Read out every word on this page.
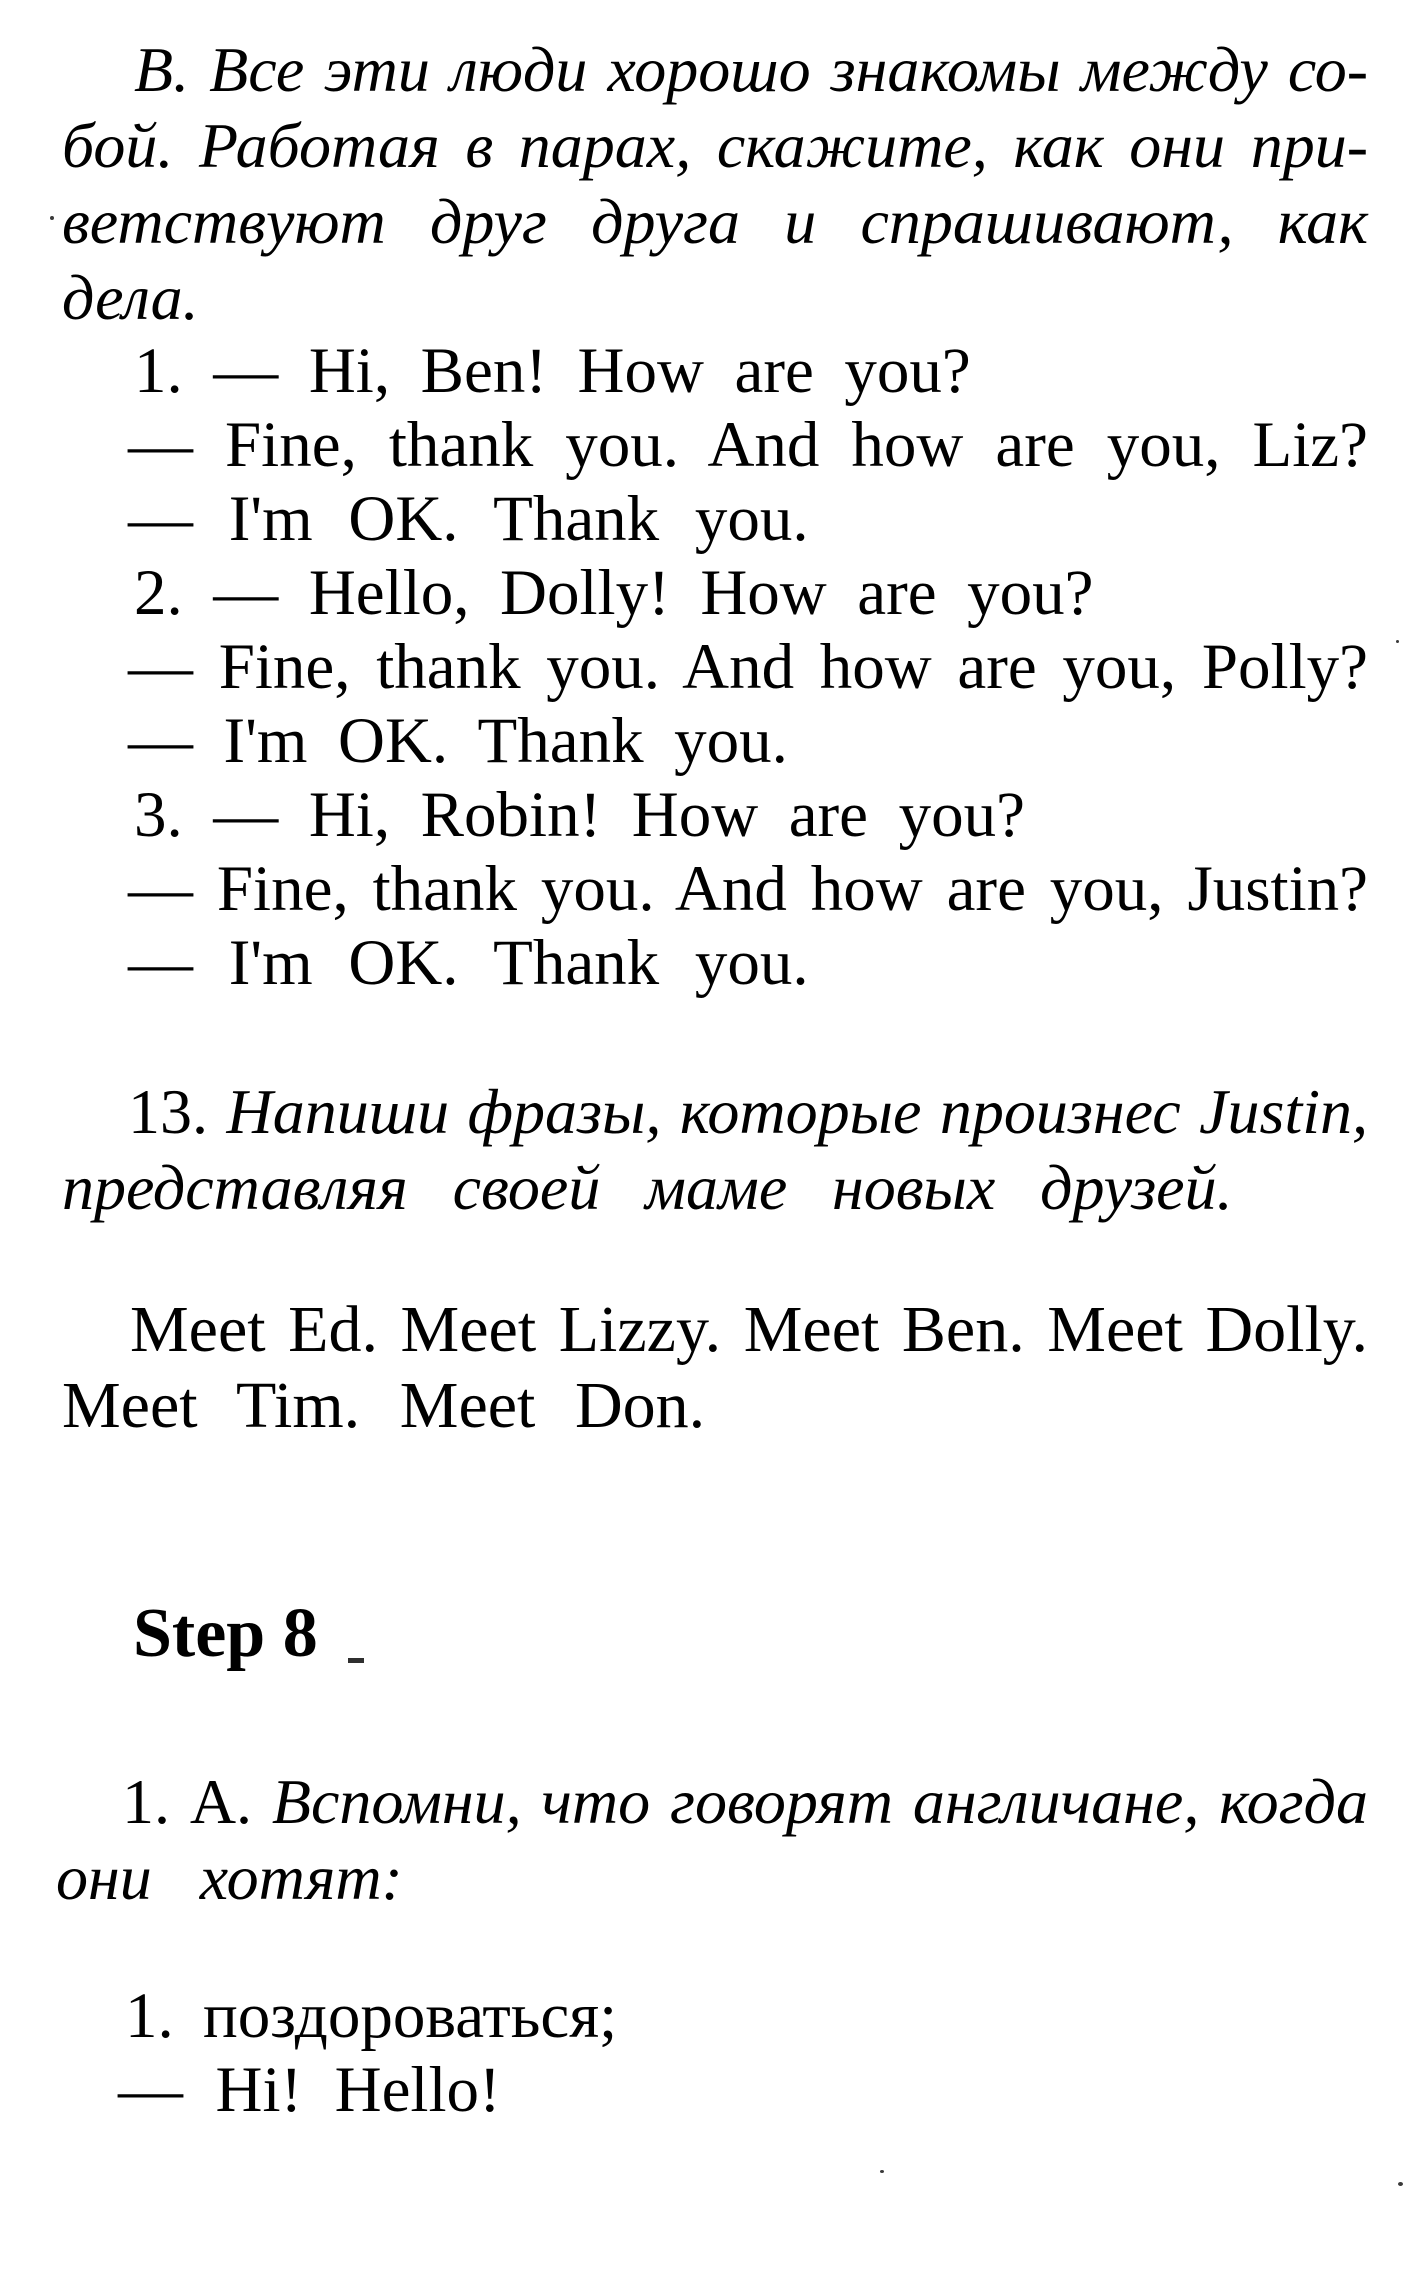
В. Все эти люди хорошо знакомы между со-
бой. Работая в парах, скажите, как они при-
ветствуют друг друга и спрашивают, как дела.
1. — Hi, Ben! How are you?
— Fine, thank you. And how are you, Liz?
— I'm OK. Thank you.
2. — Hello, Dolly! How are you?
— Fine, thank you. And how are you, Polly?
— I'm OK. Thank you.
3. — Hi, Robin! How are you?
— Fine, thank you. And how are you, Justin?
— I'm OK. Thank you.
13. Напиши фразы, которые произнес Justin,
представляя своей маме новых друзей.
Meet Ed. Meet Lizzy. Meet Ben. Meet Dolly.
Meet Tim. Meet Don.
Step 8
1. А. Вспомни, что говорят англичане, когда
они хотят:
1. поздороваться;
— Hi! Hello!
